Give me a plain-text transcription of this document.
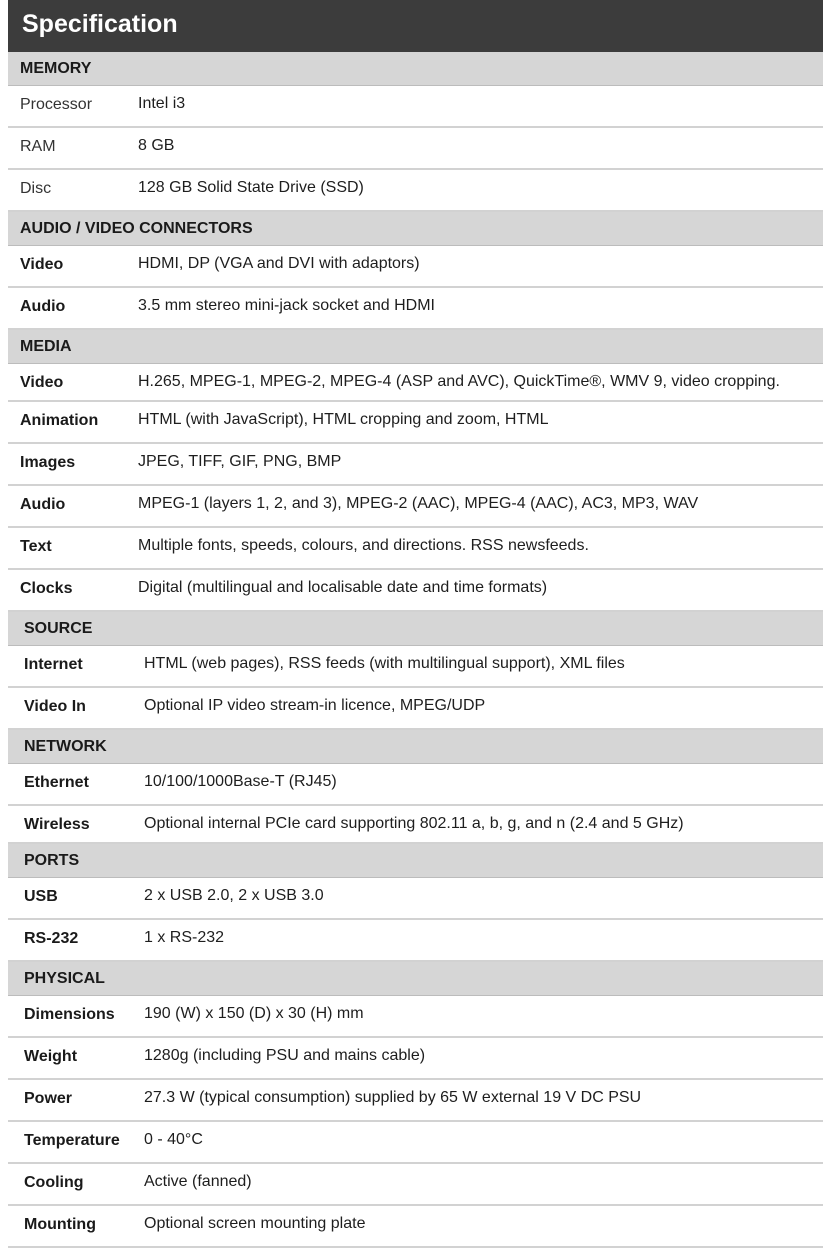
Specification
MEMORY
Processor	Intel i3
RAM	8 GB
Disc	128 GB Solid State Drive (SSD)
AUDIO / VIDEO CONNECTORS
Video	HDMI, DP (VGA and DVI with adaptors)
Audio	3.5 mm stereo mini-jack socket and HDMI
MEDIA
Video	H.265, MPEG-1, MPEG-2, MPEG-4 (ASP and AVC), QuickTime®, WMV 9, video cropping.
Animation	HTML (with JavaScript), HTML cropping and zoom, HTML
Images	JPEG, TIFF, GIF, PNG, BMP
Audio	MPEG-1 (layers 1, 2, and 3), MPEG-2 (AAC), MPEG-4 (AAC), AC3, MP3, WAV
Text	Multiple fonts, speeds, colours, and directions. RSS newsfeeds.
Clocks	Digital (multilingual and localisable date and time formats)
SOURCE
Internet	HTML (web pages), RSS feeds (with multilingual support), XML files
Video In	Optional IP video stream-in licence, MPEG/UDP
NETWORK
Ethernet	10/100/1000Base-T (RJ45)
Wireless	Optional internal PCIe card supporting 802.11 a, b, g, and n (2.4 and 5 GHz)
PORTS
USB	2 x USB 2.0, 2 x USB 3.0
RS-232	1 x RS-232
PHYSICAL
Dimensions	190 (W) x 150 (D) x 30 (H) mm
Weight	1280g (including PSU and mains cable)
Power	27.3 W (typical consumption) supplied by 65 W external 19 V DC PSU
Temperature	0 - 40°C
Cooling	Active (fanned)
Mounting	Optional screen mounting plate
